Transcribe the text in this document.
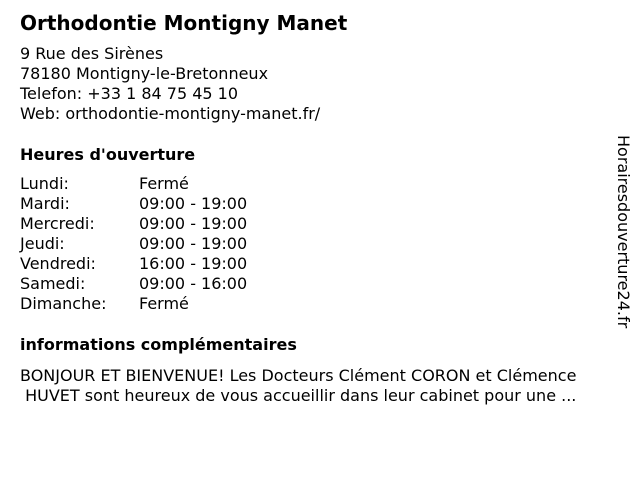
Orthodontie Montigny Manet
9 Rue des Sirènes
78180 Montigny-le-Bretonneux
Telefon: +33 1 84 75 45 10
Web: orthodontie-montigny-manet.fr/
Heures d'ouverture
Lundi:	Fermé
Mardi:	09:00 - 19:00
Mercredi:	09:00 - 19:00
Jeudi:	09:00 - 19:00
Vendredi:	16:00 - 19:00
Samedi:	09:00 - 16:00
Dimanche:	Fermé
informations complémentaires
BONJOUR ET BIENVENUE! Les Docteurs Clément CORON et Clémence
HUVET sont heureux de vous accueillir dans leur cabinet pour une ...
Horairesdouverture24.fr
